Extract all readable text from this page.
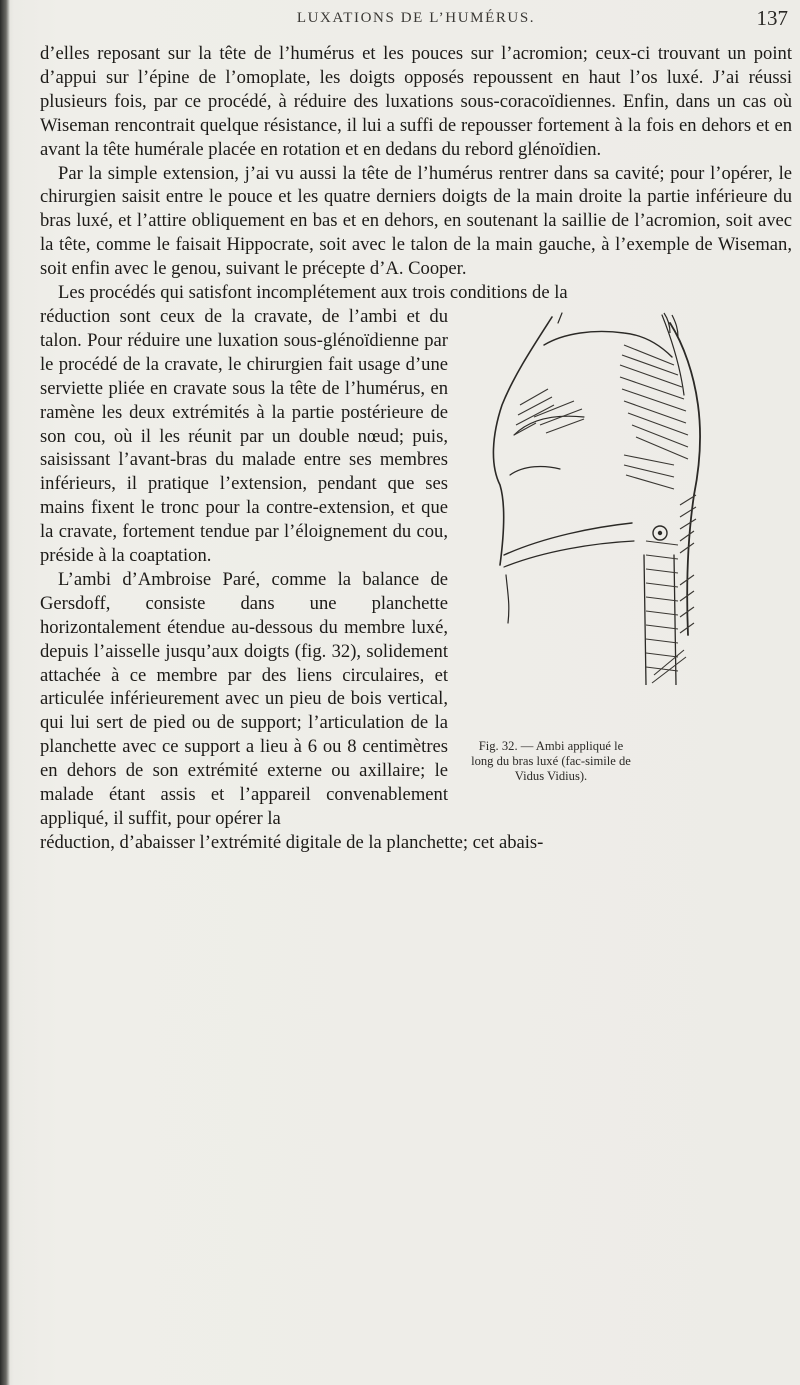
LUXATIONS DE L’HUMÉRUS.	137

d’elles reposant sur la tête de l’humérus et les pouces sur l’acromion; ceux-ci trouvant un point d’appui sur l’épine de l’omoplate, les doigts opposés repoussent en haut l’os luxé. J’ai réussi plusieurs fois, par ce procédé, à réduire des luxations sous-coracoïdiennes. Enfin, dans un cas où Wiseman rencontrait quelque résistance, il lui a suffi de repousser fortement à la fois en dehors et en avant la tête humérale placée en rotation et en dedans du rebord glénoïdien.

Par la simple extension, j’ai vu aussi la tête de l’humérus rentrer dans sa cavité; pour l’opérer, le chirurgien saisit entre le pouce et les quatre derniers doigts de la main droite la partie inférieure du bras luxé, et l’attire obliquement en bas et en dehors, en soutenant la saillie de l’acromion, soit avec la tête, comme le faisait Hippocrate, soit avec le talon de la main gauche, à l’exemple de Wiseman, soit enfin avec le genou, suivant le précepte d’A. Cooper.

Les procédés qui satisfont incomplétement aux trois conditions de la

réduction sont ceux de la cravate, de l’ambi et du talon. Pour réduire une luxation sous-glénoïdienne par le procédé de la cravate, le chirurgien fait usage d’une serviette pliée en cravate sous la tête de l’humérus, en ramène les deux extrémités à la partie postérieure de son cou, où il les réunit par un double nœud; puis, saisissant l’avant-bras du malade entre ses membres inférieurs, il pratique l’extension, pendant que ses mains fixent le tronc pour la contre-extension, et que la cravate, fortement tendue par l’éloignement du cou, préside à la coaptation.

L’ambi d’Ambroise Paré, comme la balance de Gersdoff, consiste dans une planchette horizontalement étendue au-dessous du membre luxé, depuis l’aisselle jusqu’aux doigts (fig. 32), solidement attachée à ce membre par des liens circulaires, et articulée inférieurement avec un pieu de bois vertical, qui lui sert de pied ou de support; l’articulation de la planchette avec ce support a lieu à 6 ou 8 centimètres en dehors de son extrémité externe ou axillaire; le malade étant assis et l’appareil convenablement appliqué, il suffit, pour opérer la

Fig. 32. — Ambi appliqué le long du bras luxé (fac-simile de Vidus Vidius).

réduction, d’abaisser l’extrémité digitale de la planchette; cet abais-
